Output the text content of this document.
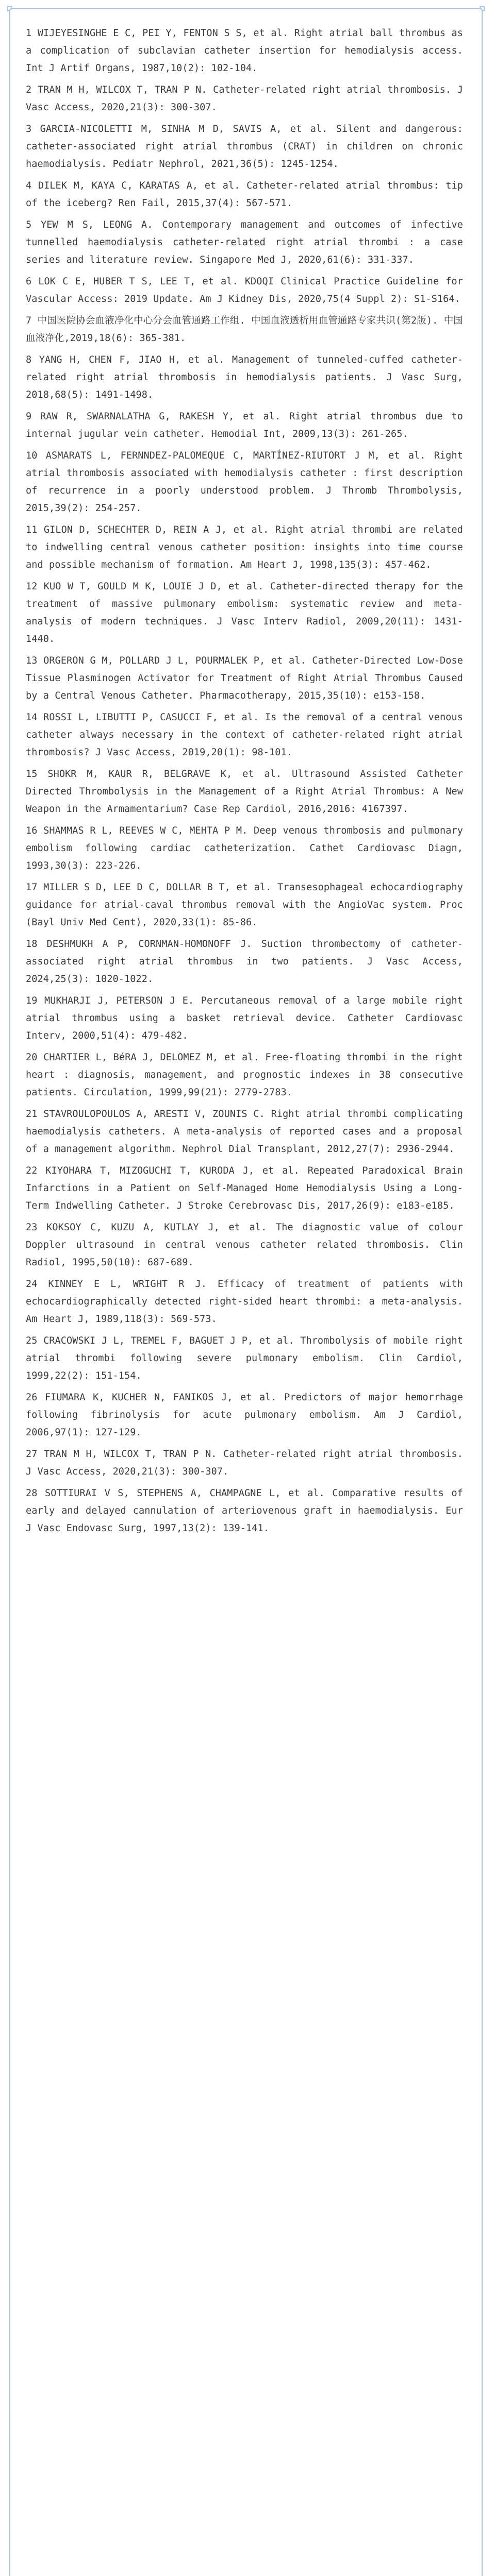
1 WIJEYESINGHE E C, PEI Y, FENTON S S, et al. Right atrial ball thrombus as a complication of subclavian catheter insertion for hemodialysis access. Int J Artif Organs, 1987,10(2): 102-104.
2 TRAN M H, WILCOX T, TRAN P N. Catheter-related right atrial thrombosis. J Vasc Access, 2020,21(3): 300-307.
3 GARCIA-NICOLETTI M, SINHA M D, SAVIS A, et al. Silent and dangerous: catheter-associated right atrial thrombus (CRAT) in children on chronic haemodialysis. Pediatr Nephrol, 2021,36(5): 1245-1254.
4 DILEK M, KAYA C, KARATAS A, et al. Catheter-related atrial thrombus: tip of the iceberg? Ren Fail, 2015,37(4): 567-571.
5 YEW M S, LEONG A. Contemporary management and outcomes of infective tunnelled haemodialysis catheter-related right atrial thrombi : a case series and literature review. Singapore Med J, 2020,61(6): 331-337.
6 LOK C E, HUBER T S, LEE T, et al. KDOQI Clinical Practice Guideline for Vascular Access: 2019 Update. Am J Kidney Dis, 2020,75(4 Suppl 2): S1-S164.
7 中国医院协会血液净化中心分会血管通路工作组. 中国血液透析用血管通路专家共识(第2版). 中国血液净化,2019,18(6): 365-381.
8 YANG H, CHEN F, JIAO H, et al. Management of tunneled-cuffed catheter-related right atrial thrombosis in hemodialysis patients. J Vasc Surg, 2018,68(5): 1491-1498.
9 RAW R, SWARNALATHA G, RAKESH Y, et al. Right atrial thrombus due to internal jugular vein catheter. Hemodial Int, 2009,13(3): 261-265.
10 ASMARATS L, FERNNDEZ-PALOMEQUE C, MARTÍNEZ-RIUTORT J M, et al. Right atrial thrombosis associated with hemodialysis catheter : first description of recurrence in a poorly understood problem. J Thromb Thrombolysis, 2015,39(2): 254-257.
11 GILON D, SCHECHTER D, REIN A J, et al. Right atrial thrombi are related to indwelling central venous catheter position: insights into time course and possible mechanism of formation. Am Heart J, 1998,135(3): 457-462.
12 KUO W T, GOULD M K, LOUIE J D, et al. Catheter-directed therapy for the treatment of massive pulmonary embolism: systematic review and meta-analysis of modern techniques. J Vasc Interv Radiol, 2009,20(11): 1431-1440.
13 ORGERON G M, POLLARD J L, POURMALEK P, et al. Catheter-Directed Low-Dose Tissue Plasminogen Activator for Treatment of Right Atrial Thrombus Caused by a Central Venous Catheter. Pharmacotherapy, 2015,35(10): e153-158.
14 ROSSI L, LIBUTTI P, CASUCCI F, et al. Is the removal of a central venous catheter always necessary in the context of catheter-related right atrial thrombosis? J Vasc Access, 2019,20(1): 98-101.
15 SHOKR M, KAUR R, BELGRAVE K, et al. Ultrasound Assisted Catheter Directed Thrombolysis in the Management of a Right Atrial Thrombus: A New Weapon in the Armamentarium? Case Rep Cardiol, 2016,2016: 4167397.
16 SHAMMAS R L, REEVES W C, MEHTA P M. Deep venous thrombosis and pulmonary embolism following cardiac catheterization. Cathet Cardiovasc Diagn, 1993,30(3): 223-226.
17 MILLER S D, LEE D C, DOLLAR B T, et al. Transesophageal echocardiography guidance for atrial-caval thrombus removal with the AngioVac system. Proc (Bayl Univ Med Cent), 2020,33(1): 85-86.
18 DESHMUKH A P, CORNMAN-HOMONOFF J. Suction thrombectomy of catheter-associated right atrial thrombus in two patients. J Vasc Access, 2024,25(3): 1020-1022.
19 MUKHARJI J, PETERSON J E. Percutaneous removal of a large mobile right atrial thrombus using a basket retrieval device. Catheter Cardiovasc Interv, 2000,51(4): 479-482.
20 CHARTIER L, BéRA J, DELOMEZ M, et al. Free-floating thrombi in the right heart : diagnosis, management, and prognostic indexes in 38 consecutive patients. Circulation, 1999,99(21): 2779-2783.
21 STAVROULOPOULOS A, ARESTI V, ZOUNIS C. Right atrial thrombi complicating haemodialysis catheters. A meta-analysis of reported cases and a proposal of a management algorithm. Nephrol Dial Transplant, 2012,27(7): 2936-2944.
22 KIYOHARA T, MIZOGUCHI T, KURODA J, et al. Repeated Paradoxical Brain Infarctions in a Patient on Self-Managed Home Hemodialysis Using a Long-Term Indwelling Catheter. J Stroke Cerebrovasc Dis, 2017,26(9): e183-e185.
23 KOKSOY C, KUZU A, KUTLAY J, et al. The diagnostic value of colour Doppler ultrasound in central venous catheter related thrombosis. Clin Radiol, 1995,50(10): 687-689.
24 KINNEY E L, WRIGHT R J. Efficacy of treatment of patients with echocardiographically detected right-sided heart thrombi: a meta-analysis. Am Heart J, 1989,118(3): 569-573.
25 CRACOWSKI J L, TREMEL F, BAGUET J P, et al. Thrombolysis of mobile right atrial thrombi following severe pulmonary embolism. Clin Cardiol, 1999,22(2): 151-154.
26 FIUMARA K, KUCHER N, FANIKOS J, et al. Predictors of major hemorrhage following fibrinolysis for acute pulmonary embolism. Am J Cardiol, 2006,97(1): 127-129.
27 TRAN M H, WILCOX T, TRAN P N. Catheter-related right atrial thrombosis. J Vasc Access, 2020,21(3): 300-307.
28 SOTTIURAI V S, STEPHENS A, CHAMPAGNE L, et al. Comparative results of early and delayed cannulation of arteriovenous graft in haemodialysis. Eur J Vasc Endovasc Surg, 1997,13(2): 139-141.
